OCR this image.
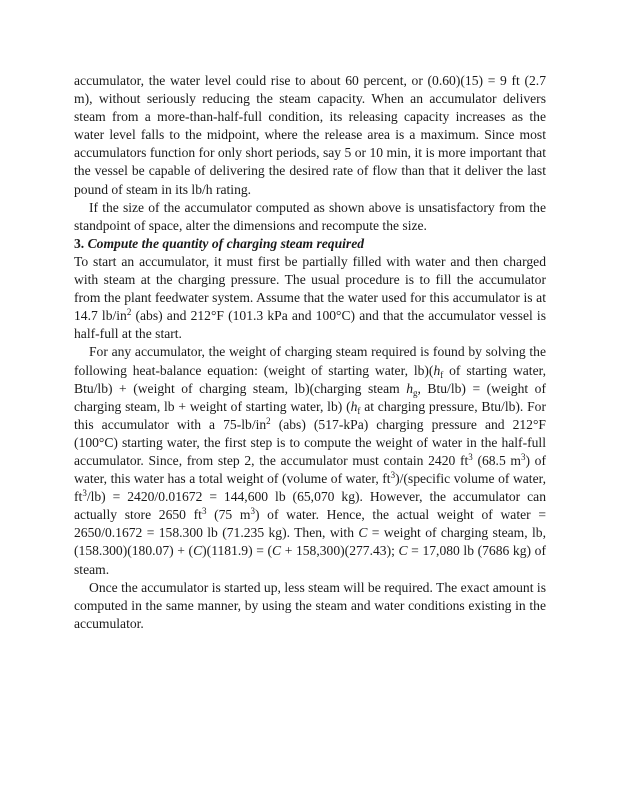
accumulator, the water level could rise to about 60 percent, or (0.60)(15) = 9 ft (2.7 m), without seriously reducing the steam capacity. When an accumulator delivers steam from a more-than-half-full condition, its releasing capacity increases as the water level falls to the midpoint, where the release area is a maximum. Since most accumulators function for only short periods, say 5 or 10 min, it is more important that the vessel be capable of delivering the desired rate of flow than that it deliver the last pound of steam in its lb/h rating.

If the size of the accumulator computed as shown above is unsatisfactory from the standpoint of space, alter the dimensions and recompute the size.

3. Compute the quantity of charging steam required

To start an accumulator, it must first be partially filled with water and then charged with steam at the charging pressure. The usual procedure is to fill the accumulator from the plant feedwater system. Assume that the water used for this accumulator is at 14.7 $lb/in^2$ (abs) and 212°F (101.3 kPa and 100°C) and that the accumulator vessel is half-full at the start.

For any accumulator, the weight of charging steam required is found by solving the following heat-balance equation: (weight of starting water, $lb)(h_f$ of starting water, Btu/lb) + (weight of charging steam, lb)(charging steam $h_g$, Btu/lb) = (weight of charging steam, lb + weight of starting water, lb) ($h_f$ at charging pressure, Btu/lb). For this accumulator with a $75-lb/in^2$ (abs) (517-kPa) charging pressure and 212°F (100°C) starting water, the first step is to compute the weight of water in the half-full accumulator. Since, from step 2, the accumulator must contain 2420 $ft^3$ (68.5 $m^3$) of water, this water has a total weight of (volume of water, $ft^3)/(specific$ volume of water, $ft^3/lb) = 2420/0.01672 = 144,600$ lb (65,070 kg). However, the accumulator can actually store 2650 $ft^3$ (75 $m^3$) of water. Hence, the actual weight of water = 2650/0.1672 = 158.300 lb (71.235 kg). Then, with C = weight of charging steam, lb, (158.300)(180.07) + (C)(1181.9) = (C + 158,300)(277.43); C = 17,080 lb (7686 kg) of steam.

Once the accumulator is started up, less steam will be required. The exact amount is computed in the same manner, by using the steam and water conditions existing in the accumulator.
